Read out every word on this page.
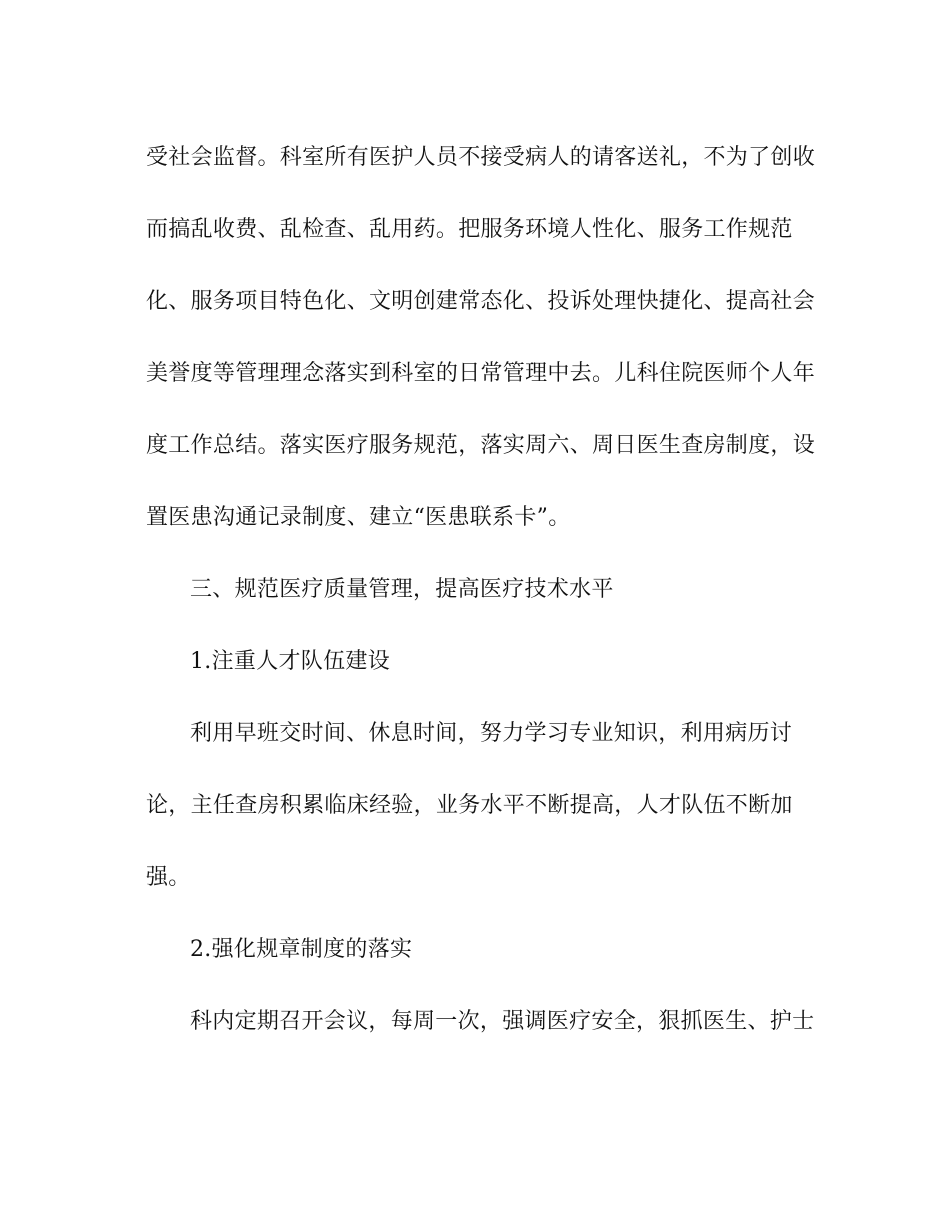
受社会监督。科室所有医护人员不接受病人的请客送礼，不为了创收
而搞乱收费、乱检查、乱用药。把服务环境人性化、服务工作规范
化、服务项目特色化、文明创建常态化、投诉处理快捷化、提高社会
美誉度等管理理念落实到科室的日常管理中去。儿科住院医师个人年
度工作总结。落实医疗服务规范，落实周六、周日医生查房制度，设
置医患沟通记录制度、建立“医患联系卡”。
三、规范医疗质量管理，提高医疗技术水平
1.注重人才队伍建设
利用早班交时间、休息时间，努力学习专业知识，利用病历讨
论，主任查房积累临床经验，业务水平不断提高，人才队伍不断加
强。
2.强化规章制度的落实
科内定期召开会议，每周一次，强调医疗安全，狠抓医生、护士
